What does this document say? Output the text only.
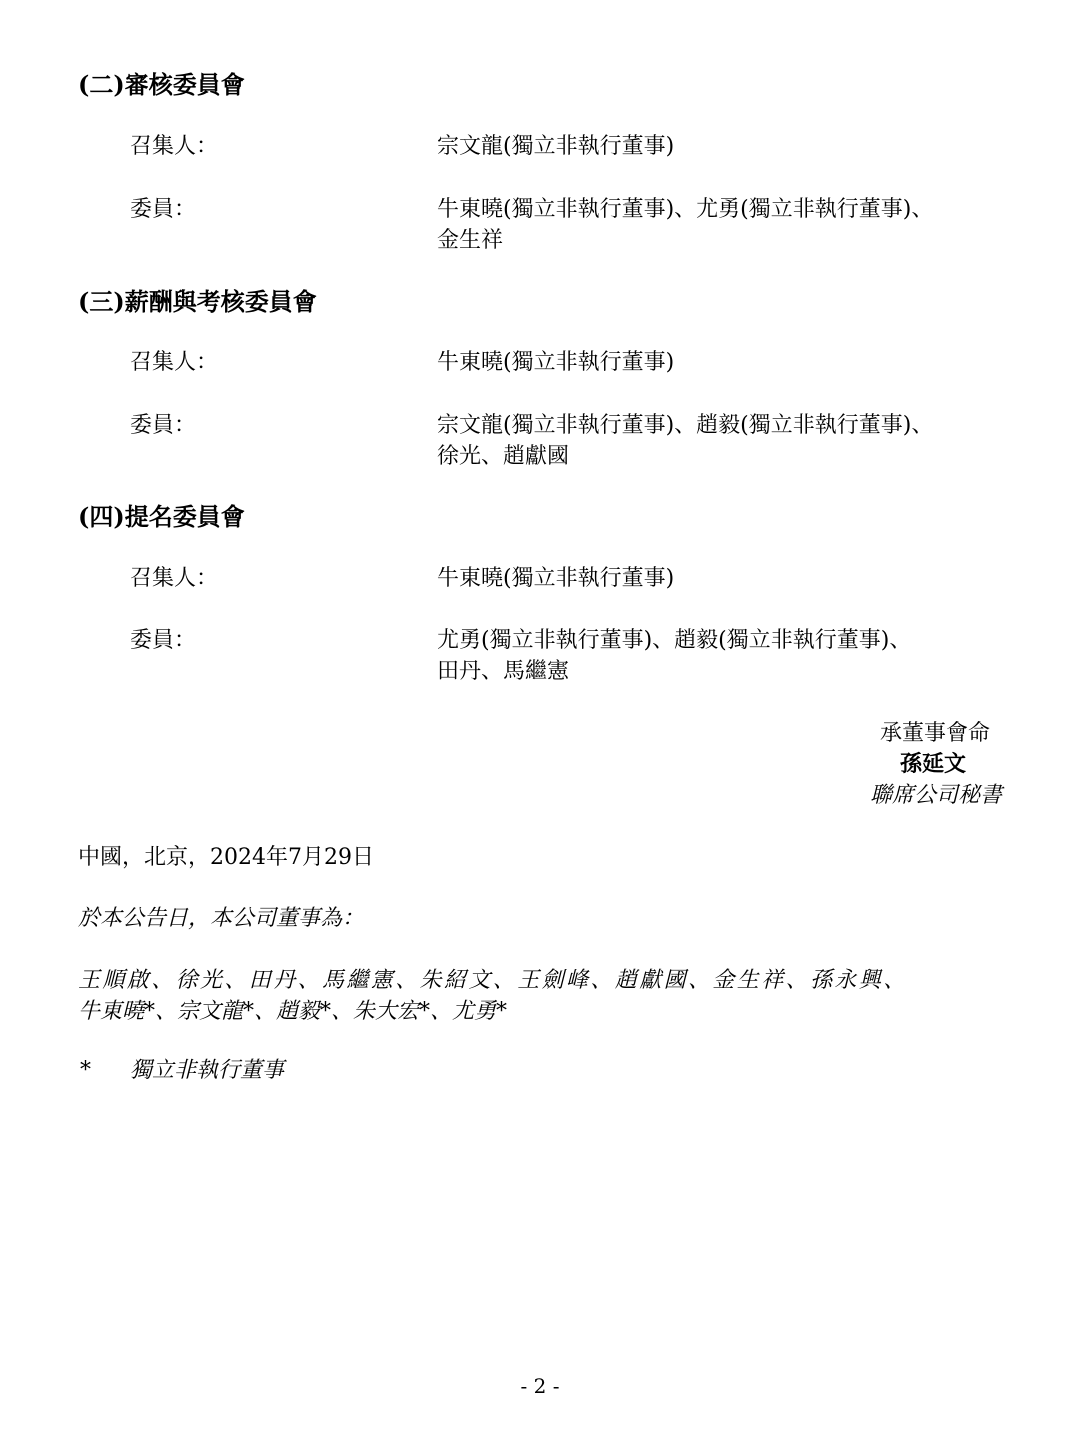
(二)審核委員會
召集人：	宗文龍(獨立非執行董事)
委員：	牛東曉(獨立非執行董事)、尤勇(獨立非執行董事)、
金生祥
(三)薪酬與考核委員會
召集人：	牛東曉(獨立非執行董事)
委員：	宗文龍(獨立非執行董事)、趙毅(獨立非執行董事)、
徐光、趙獻國
(四)提名委員會
召集人：	牛東曉(獨立非執行董事)
委員：	尤勇(獨立非執行董事)、趙毅(獨立非執行董事)、
田丹、馬繼憲
承董事會命
孫延文
聯席公司秘書
中國，北京，2024年7月29日
於本公告日，本公司董事為：
王順啟、徐光、田丹、馬繼憲、朱紹文、王劍峰、趙獻國、金生祥、孫永興、
牛東曉*、宗文龍*、趙毅*、朱大宏*、尤勇*
* 獨立非執行董事
- 2 -
